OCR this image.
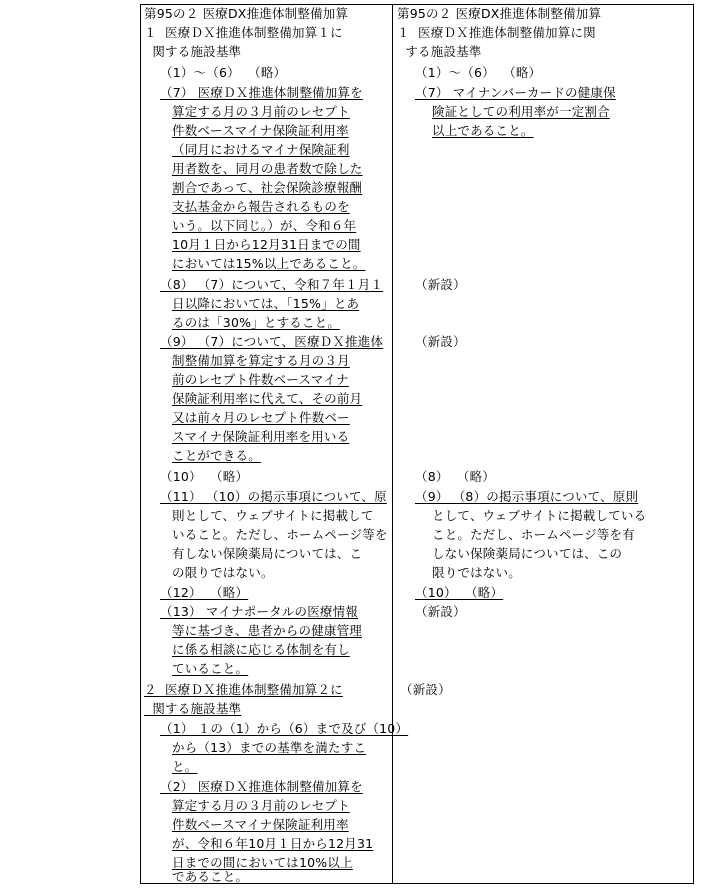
第95の２ 医療DX推進体制整備加算
１  医療ＤＸ推進体制整備加算１に
関する施設基準
（1）～（6）  （略）
（7） 医療ＤＸ推進体制整備加算を
算定する月の３月前のレセプト
件数ベースマイナ保険証利用率
（同月におけるマイナ保険証利
用者数を、同月の患者数で除した
割合であって、社会保険診療報酬
支払基金から報告されるものを
いう。以下同じ。）が、令和６年
10月１日から12月31日までの間
においては15%以上であること。
（8） （7）について、令和７年１月１
日以降においては、「15%」とあ
るのは「30%」とすること。
（9） （7）について、医療ＤＸ推進体
制整備加算を算定する月の３月
前のレセプト件数ベースマイナ
保険証利用率に代えて、その前月
又は前々月のレセプト件数ベー
スマイナ保険証利用率を用いる
ことができる。
（10）  （略）
（11） （10）の掲示事項について、原
則として、ウェブサイトに掲載して
いること。ただし、ホームページ等を
有しない保険薬局については、こ
の限りではない。
（12）  （略）
（13） マイナポータルの医療情報
等に基づき、患者からの健康管理
に係る相談に応じる体制を有し
ていること。
２  医療ＤＸ推進体制整備加算２に
関する施設基準
（1） １の（1）から（6）まで及び（10）
から（13）までの基準を満たすこ
と。
（2） 医療ＤＸ推進体制整備加算を
算定する月の３月前のレセプト
件数ベースマイナ保険証利用率
が、令和６年10月１日から12月31
日までの間においては10%以上
であること。
第95の２ 医療DX推進体制整備加算
１  医療ＤＸ推進体制整備加算に関
する施設基準
（1）～（6）  （略）
（7） マイナンバーカードの健康保
険証としての利用率が一定割合
以上であること。
（新設）
（新設）
（8）  （略）
（9） （8）の掲示事項について、原則
として、ウェブサイトに掲載している
こと。ただし、ホームページ等を有
しない保険薬局については、この
限りではない。
（10）  （略）
（新設）
（新設）
